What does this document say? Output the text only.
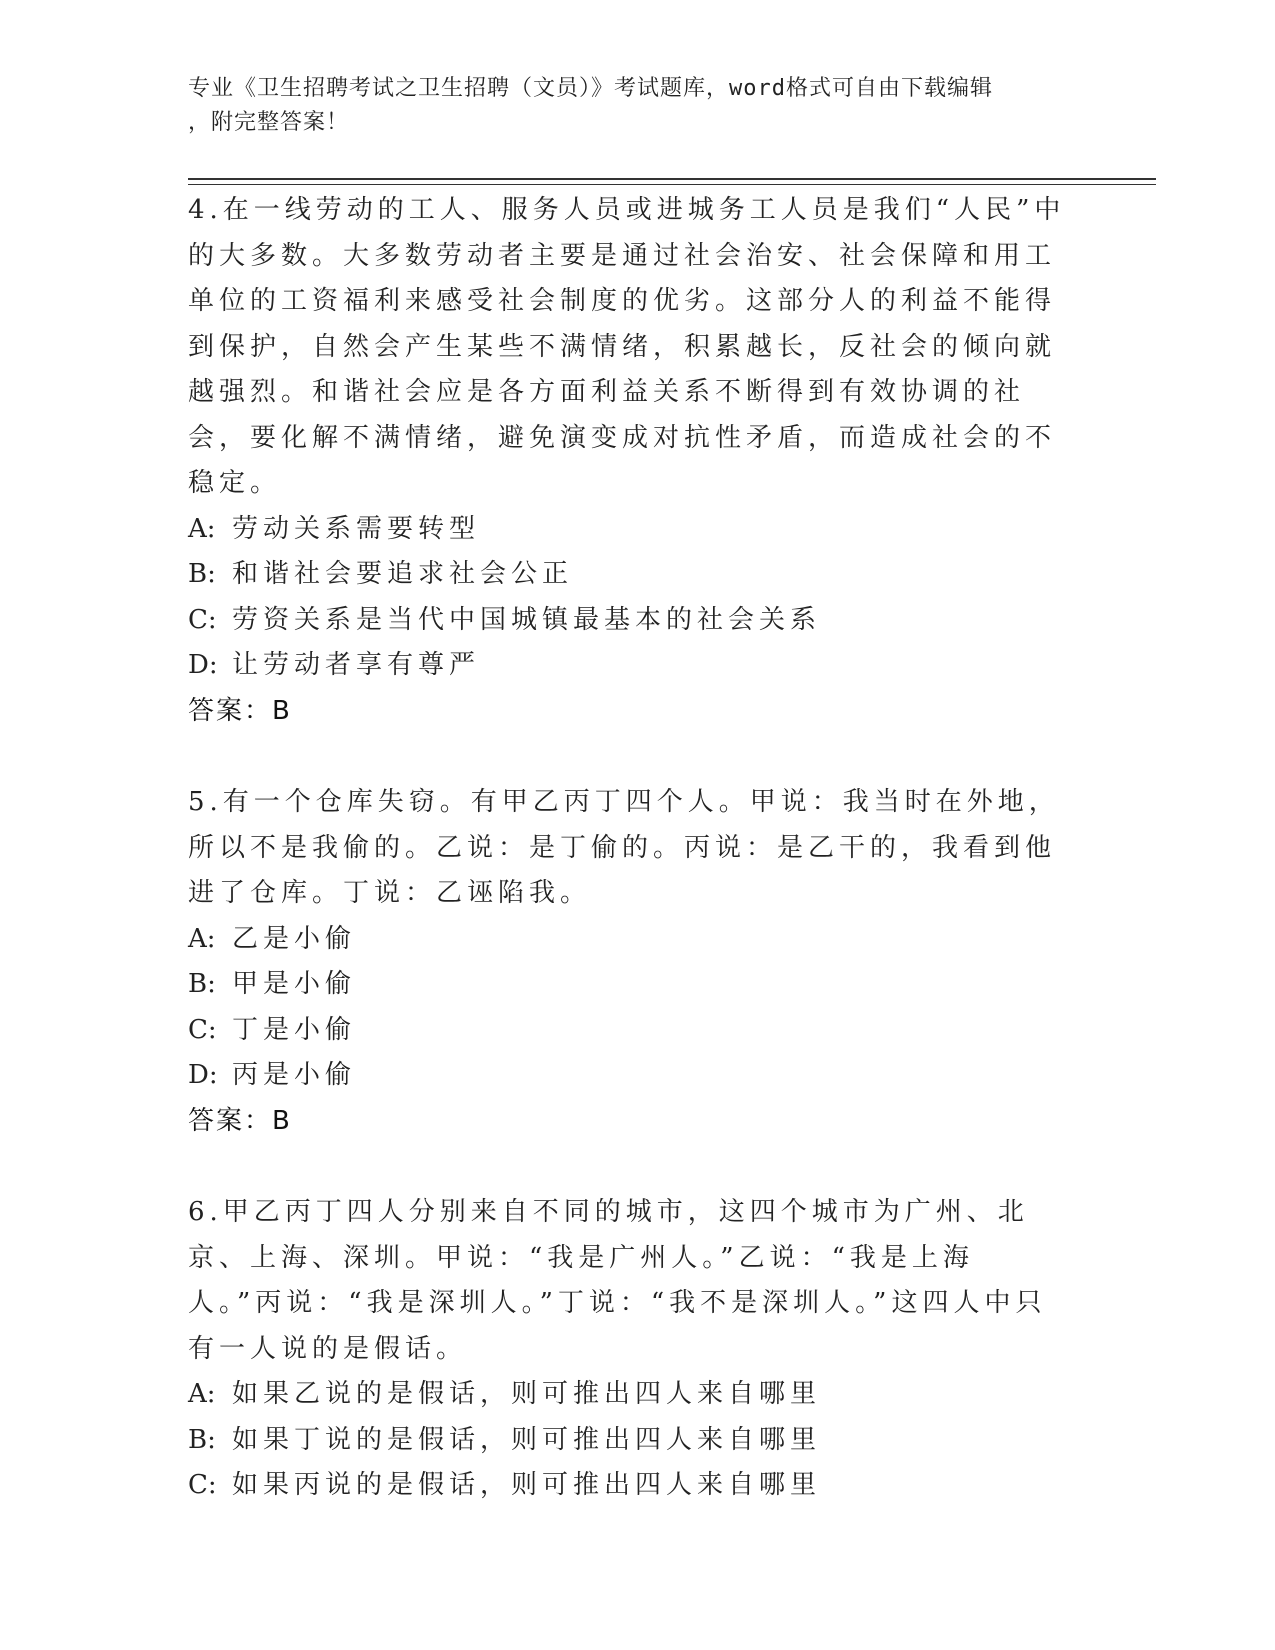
专业《卫生招聘考试之卫生招聘（文员）》考试题库，word格式可自由下载编辑
，附完整答案！

4.在一线劳动的工人、服务人员或进城务工人员是我们“人民”中的大多数。大多数劳动者主要是通过社会治安、社会保障和用工单位的工资福利来感受社会制度的优劣。这部分人的利益不能得到保护，自然会产生某些不满情绪，积累越长，反社会的倾向就越强烈。和谐社会应是各方面利益关系不断得到有效协调的社会，要化解不满情绪，避免演变成对抗性矛盾，而造成社会的不稳定。

A: 劳动关系需要转型

B: 和谐社会要追求社会公正

C: 劳资关系是当代中国城镇最基本的社会关系

D: 让劳动者享有尊严

答案：B

5.有一个仓库失窃。有甲乙丙丁四个人。甲说：我当时在外地，所以不是我偷的。乙说：是丁偷的。丙说：是乙干的，我看到他进了仓库。丁说：乙诬陷我。

A: 乙是小偷

B: 甲是小偷

C: 丁是小偷

D: 丙是小偷

答案：B

6.甲乙丙丁四人分别来自不同的城市，这四个城市为广州、北京、上海、深圳。甲说：“我是广州人。”乙说：“我是上海人。”丙说：“我是深圳人。”丁说：“我不是深圳人。”这四人中只有一人说的是假话。

A: 如果乙说的是假话，则可推出四人来自哪里

B: 如果丁说的是假话，则可推出四人来自哪里

C: 如果丙说的是假话，则可推出四人来自哪里
